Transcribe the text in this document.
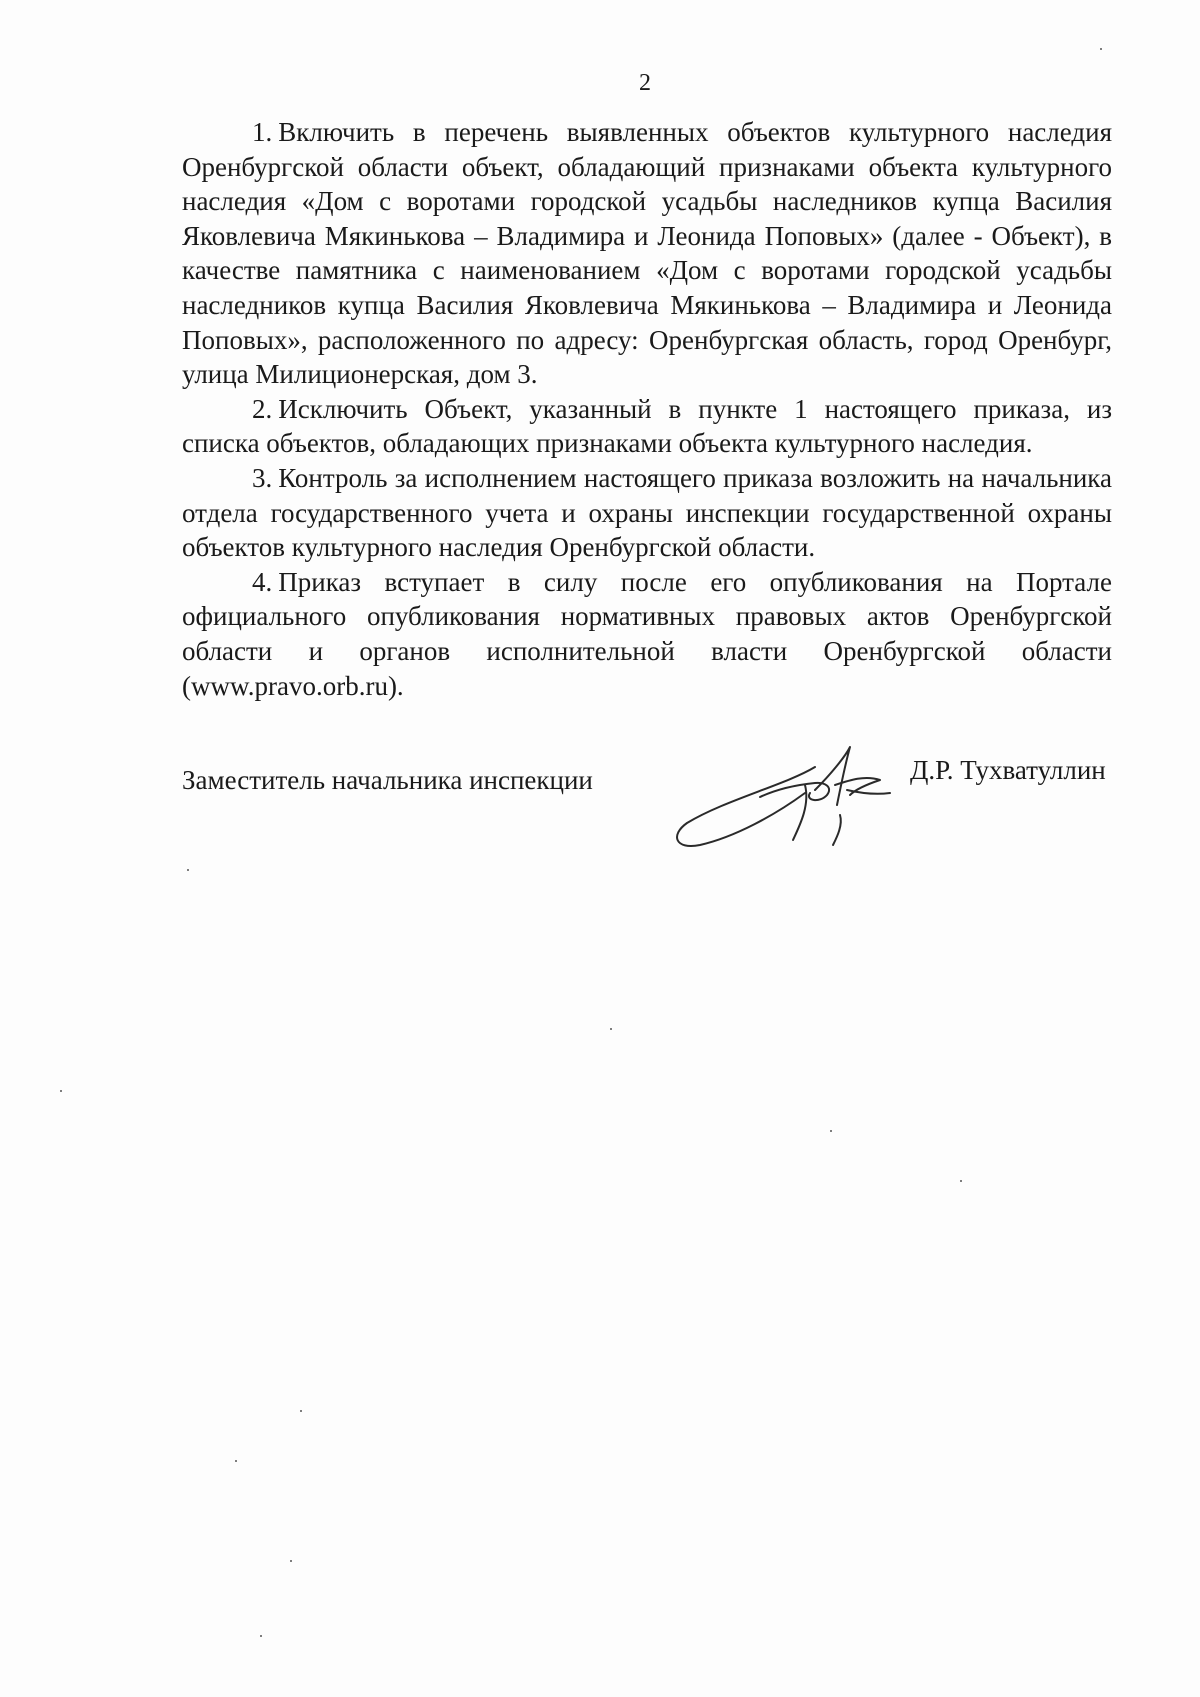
2

1. Включить в перечень выявленных объектов культурного наследия Оренбургской области объект, обладающий признаками объекта культурного наследия «Дом с воротами городской усадьбы наследников купца Василия Яковлевича Мякинькова – Владимира и Леонида Поповых» (далее - Объект), в качестве памятника с наименованием «Дом с воротами городской усадьбы наследников купца Василия Яковлевича Мякинькова – Владимира и Леонида Поповых», расположенного по адресу: Оренбургская область, город Оренбург, улица Милиционерская, дом 3.

2. Исключить Объект, указанный в пункте 1 настоящего приказа, из списка объектов, обладающих признаками объекта культурного наследия.

3. Контроль за исполнением настоящего приказа возложить на начальника отдела государственного учета и охраны инспекции государственной охраны объектов культурного наследия Оренбургской области.

4. Приказ вступает в силу после его опубликования на Портале официального опубликования нормативных правовых актов Оренбургской области и органов исполнительной власти Оренбургской области (www.pravo.orb.ru).

Заместитель начальника инспекции	Д.Р. Тухватуллин
